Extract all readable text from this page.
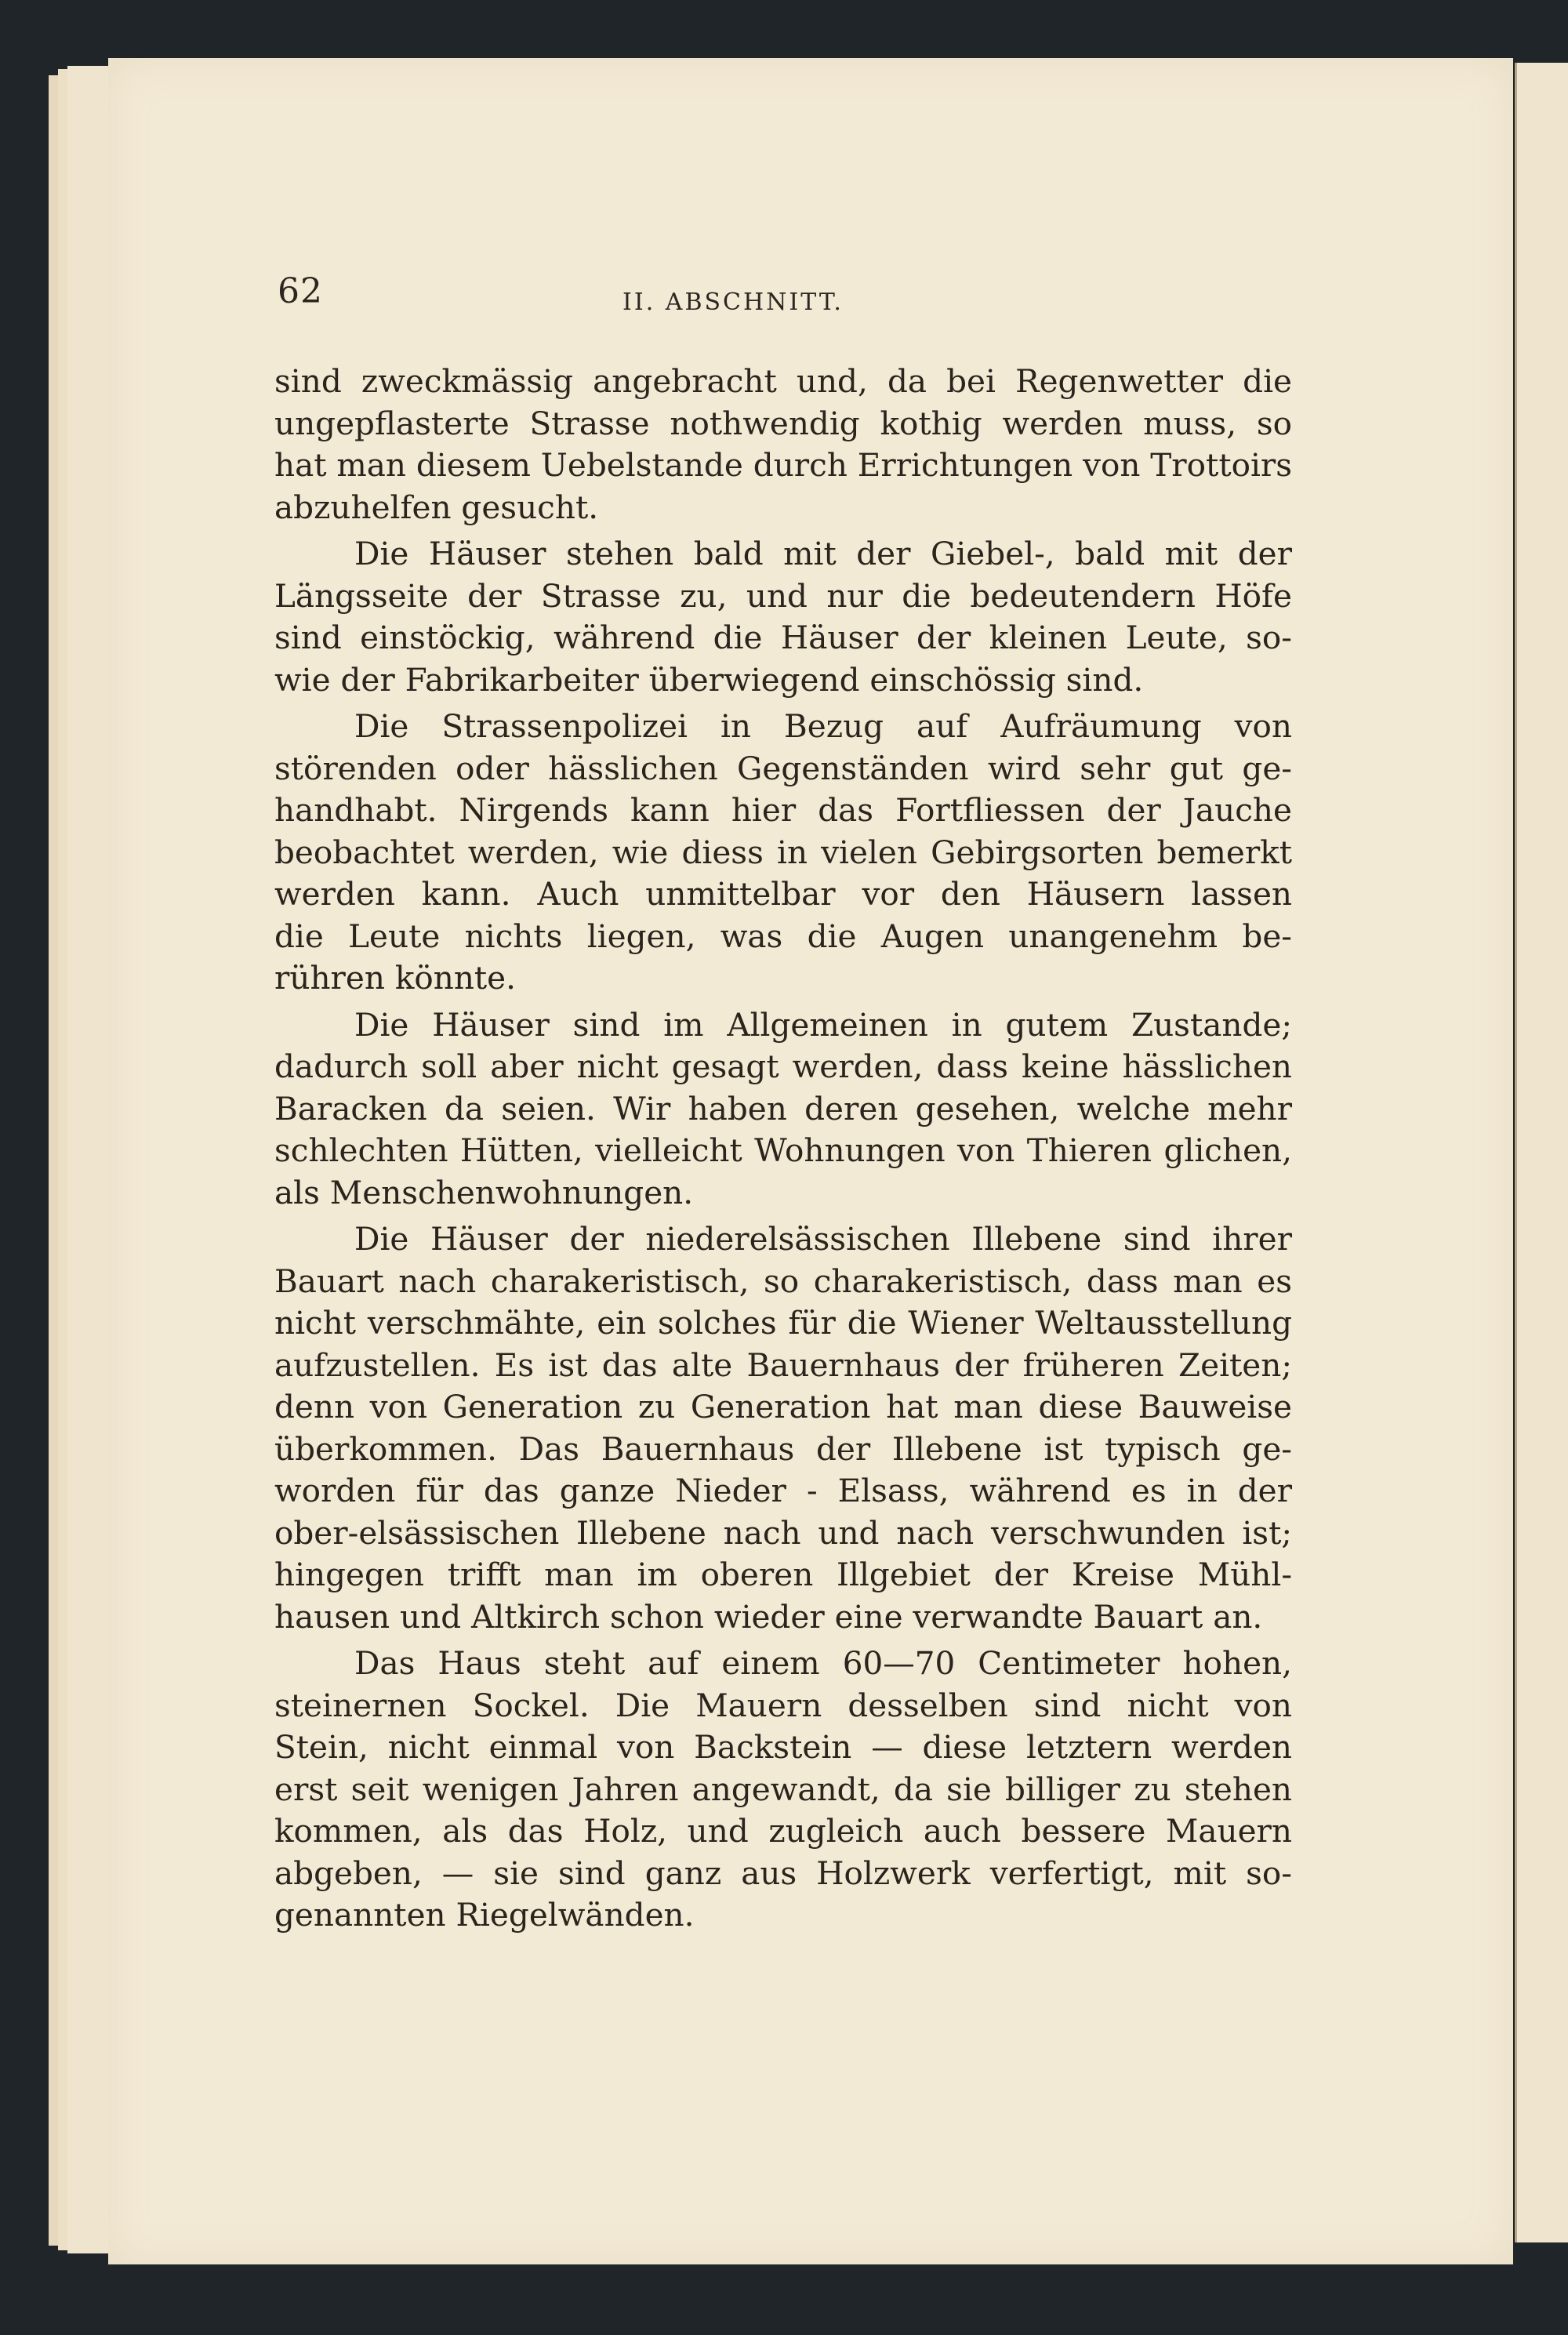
62	II. ABSCHNITT.
sind zweckmässig angebracht und, da bei Regenwetter die
ungepflasterte Strasse nothwendig kothig werden muss, so
hat man diesem Uebelstande durch Errichtungen von Trottoirs
abzuhelfen gesucht.
Die Häuser stehen bald mit der Giebel-, bald mit der
Längsseite der Strasse zu, und nur die bedeutendern Höfe
sind einstöckig, während die Häuser der kleinen Leute, so-
wie der Fabrikarbeiter überwiegend einschössig sind.
Die Strassenpolizei in Bezug auf Aufräumung von
störenden oder hässlichen Gegenständen wird sehr gut ge-
handhabt. Nirgends kann hier das Fortfliessen der Jauche
beobachtet werden, wie diess in vielen Gebirgsorten bemerkt
werden kann. Auch unmittelbar vor den Häusern lassen
die Leute nichts liegen, was die Augen unangenehm be-
rühren könnte.
Die Häuser sind im Allgemeinen in gutem Zustande;
dadurch soll aber nicht gesagt werden, dass keine hässlichen
Baracken da seien. Wir haben deren gesehen, welche mehr
schlechten Hütten, vielleicht Wohnungen von Thieren glichen,
als Menschenwohnungen.
Die Häuser der niederelsässischen Illebene sind ihrer
Bauart nach charakeristisch, so charakeristisch, dass man es
nicht verschmähte, ein solches für die Wiener Weltausstellung
aufzustellen. Es ist das alte Bauernhaus der früheren Zeiten;
denn von Generation zu Generation hat man diese Bauweise
überkommen. Das Bauernhaus der Illebene ist typisch ge-
worden für das ganze Nieder - Elsass, während es in der
ober-elsässischen Illebene nach und nach verschwunden ist;
hingegen trifft man im oberen Illgebiet der Kreise Mühl-
hausen und Altkirch schon wieder eine verwandte Bauart an.
Das Haus steht auf einem 60—70 Centimeter hohen,
steinernen Sockel. Die Mauern desselben sind nicht von
Stein, nicht einmal von Backstein — diese letztern werden
erst seit wenigen Jahren angewandt, da sie billiger zu stehen
kommen, als das Holz, und zugleich auch bessere Mauern
abgeben, — sie sind ganz aus Holzwerk verfertigt, mit so-
genannten Riegelwänden.
